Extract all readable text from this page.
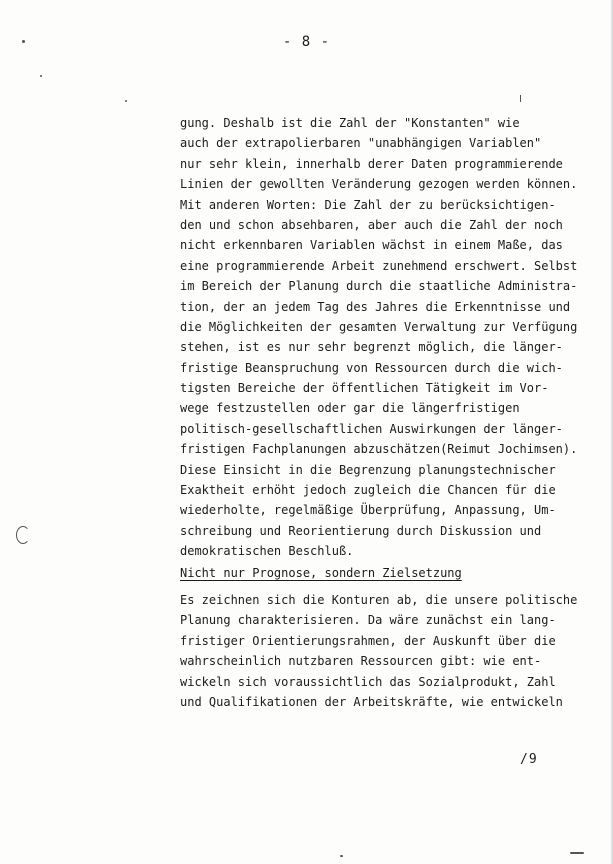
- 8 -
gung. Deshalb ist die Zahl der "Konstanten" wie
auch der extrapolierbaren "unabhängigen Variablen"
nur sehr klein, innerhalb derer Daten programmierende
Linien der gewollten Veränderung gezogen werden können.
Mit anderen Worten: Die Zahl der zu berücksichtigen-
den und schon absehbaren, aber auch die Zahl der noch
nicht erkennbaren Variablen wächst in einem Maße, das
eine programmierende Arbeit zunehmend erschwert. Selbst
im Bereich der Planung durch die staatliche Administra-
tion, der an jedem Tag des Jahres die Erkenntnisse und
die Möglichkeiten der gesamten Verwaltung zur Verfügung
stehen, ist es nur sehr begrenzt möglich, die länger-
fristige Beanspruchung von Ressourcen durch die wich-
tigsten Bereiche der öffentlichen Tätigkeit im Vor-
wege festzustellen oder gar die längerfristigen
politisch-gesellschaftlichen Auswirkungen der länger-
fristigen Fachplanungen abzuschätzen(Reimut Jochimsen).
Diese Einsicht in die Begrenzung planungstechnischer
Exaktheit erhöht jedoch zugleich die Chancen für die
wiederholte, regelmäßige Überprüfung, Anpassung, Um-
schreibung und Reorientierung durch Diskussion und
demokratischen Beschluß.
Nicht nur Prognose, sondern Zielsetzung
Es zeichnen sich die Konturen ab, die unsere politische
Planung charakterisieren. Da wäre zunächst ein lang-
fristiger Orientierungsrahmen, der Auskunft über die
wahrscheinlich nutzbaren Ressourcen gibt: wie ent-
wickeln sich voraussichtlich das Sozialprodukt, Zahl
und Qualifikationen der Arbeitskräfte, wie entwickeln
/9
